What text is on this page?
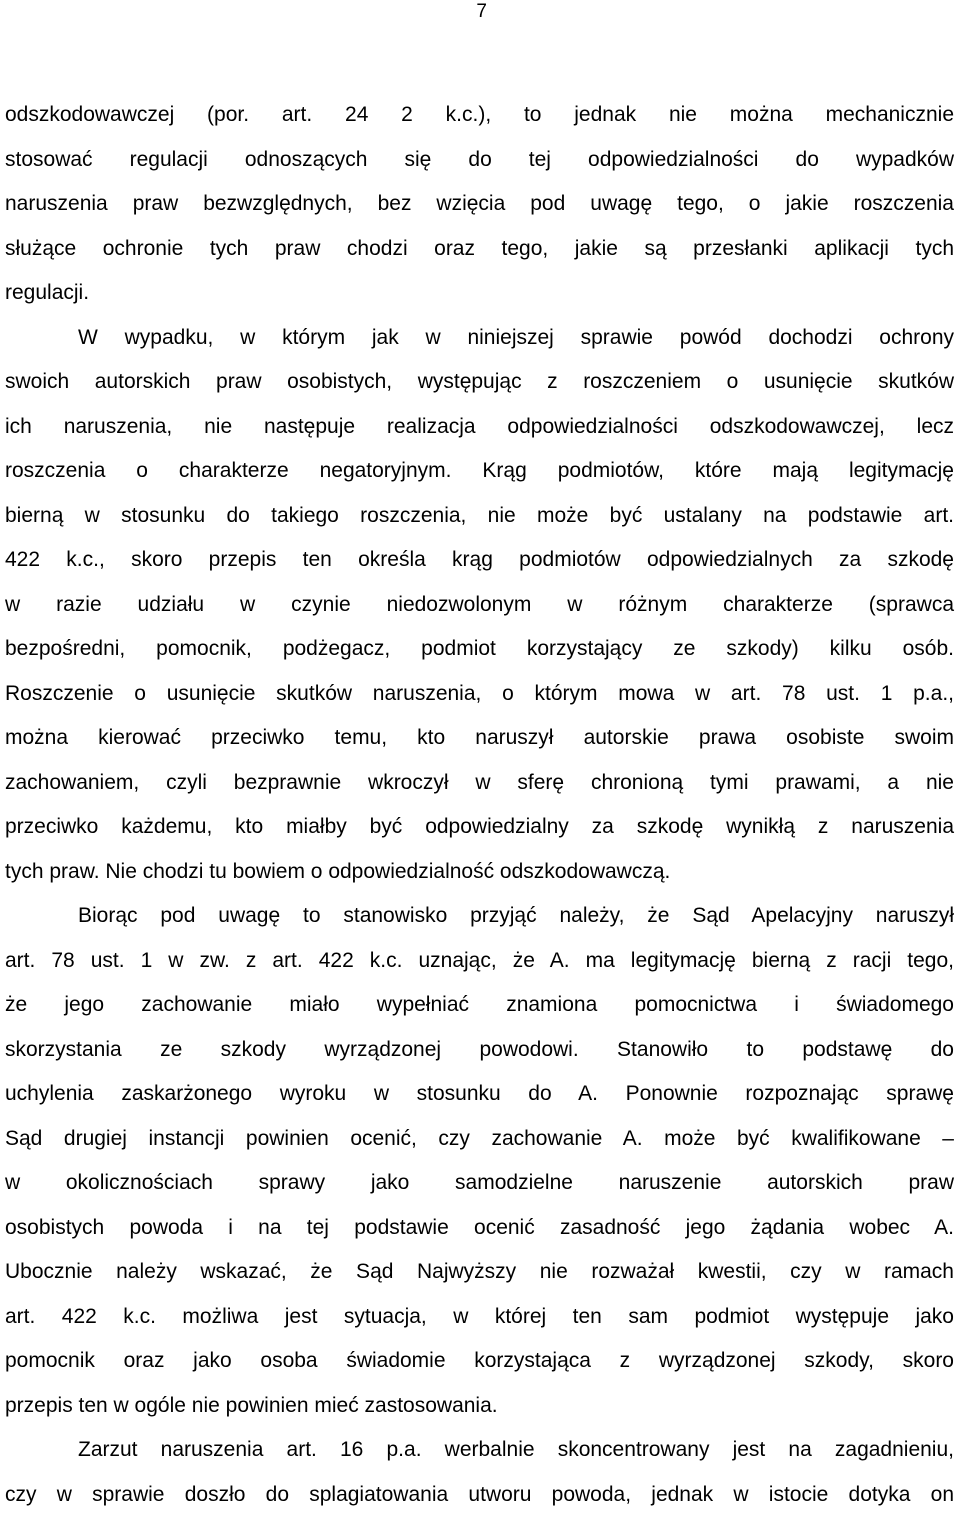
7

odszkodowawczej (por. art. 24 2 k.c.), to jednak nie można mechanicznie
stosować regulacji odnoszących się do tej odpowiedzialności do wypadków
naruszenia praw bezwzględnych, bez wzięcia pod uwagę tego, o jakie roszczenia
służące ochronie tych praw chodzi oraz tego, jakie są przesłanki aplikacji tych
regulacji.
W wypadku, w którym jak w niniejszej sprawie powód dochodzi ochrony
swoich autorskich praw osobistych, występując z roszczeniem o usunięcie skutków
ich naruszenia, nie następuje realizacja odpowiedzialności odszkodowawczej, lecz
roszczenia o charakterze negatoryjnym. Krąg podmiotów, które mają legitymację
bierną w stosunku do takiego roszczenia, nie może być ustalany na podstawie art.
422 k.c., skoro przepis ten określa krąg podmiotów odpowiedzialnych za szkodę
w razie udziału w czynie niedozwolonym w różnym charakterze (sprawca
bezpośredni, pomocnik, podżegacz, podmiot korzystający ze szkody) kilku osób.
Roszczenie o usunięcie skutków naruszenia, o którym mowa w art. 78 ust. 1 p.a.,
można kierować przeciwko temu, kto naruszył autorskie prawa osobiste swoim
zachowaniem, czyli bezprawnie wkroczył w sferę chronioną tymi prawami, a nie
przeciwko każdemu, kto miałby być odpowiedzialny za szkodę wynikłą z naruszenia
tych praw. Nie chodzi tu bowiem o odpowiedzialność odszkodowawczą.
Biorąc pod uwagę to stanowisko przyjąć należy, że Sąd Apelacyjny naruszył
art. 78 ust. 1 w zw. z art. 422 k.c. uznając, że A. ma legitymację bierną z racji tego,
że jego zachowanie miało wypełniać znamiona pomocnictwa i świadomego
skorzystania ze szkody wyrządzonej powodowi. Stanowiło to podstawę do
uchylenia zaskarżonego wyroku w stosunku do A. Ponownie rozpoznając sprawę
Sąd drugiej instancji powinien ocenić, czy zachowanie A. może być kwalifikowane –
w okolicznościach sprawy jako samodzielne naruszenie autorskich praw
osobistych powoda i na tej podstawie ocenić zasadność jego żądania wobec A.
Ubocznie należy wskazać, że Sąd Najwyższy nie rozważał kwestii, czy w ramach
art. 422 k.c. możliwa jest sytuacja, w której ten sam podmiot występuje jako
pomocnik oraz jako osoba świadomie korzystająca z wyrządzonej szkody, skoro
przepis ten w ogóle nie powinien mieć zastosowania.
Zarzut naruszenia art. 16 p.a. werbalnie skoncentrowany jest na zagadnieniu,
czy w sprawie doszło do splagiatowania utworu powoda, jednak w istocie dotyka on
